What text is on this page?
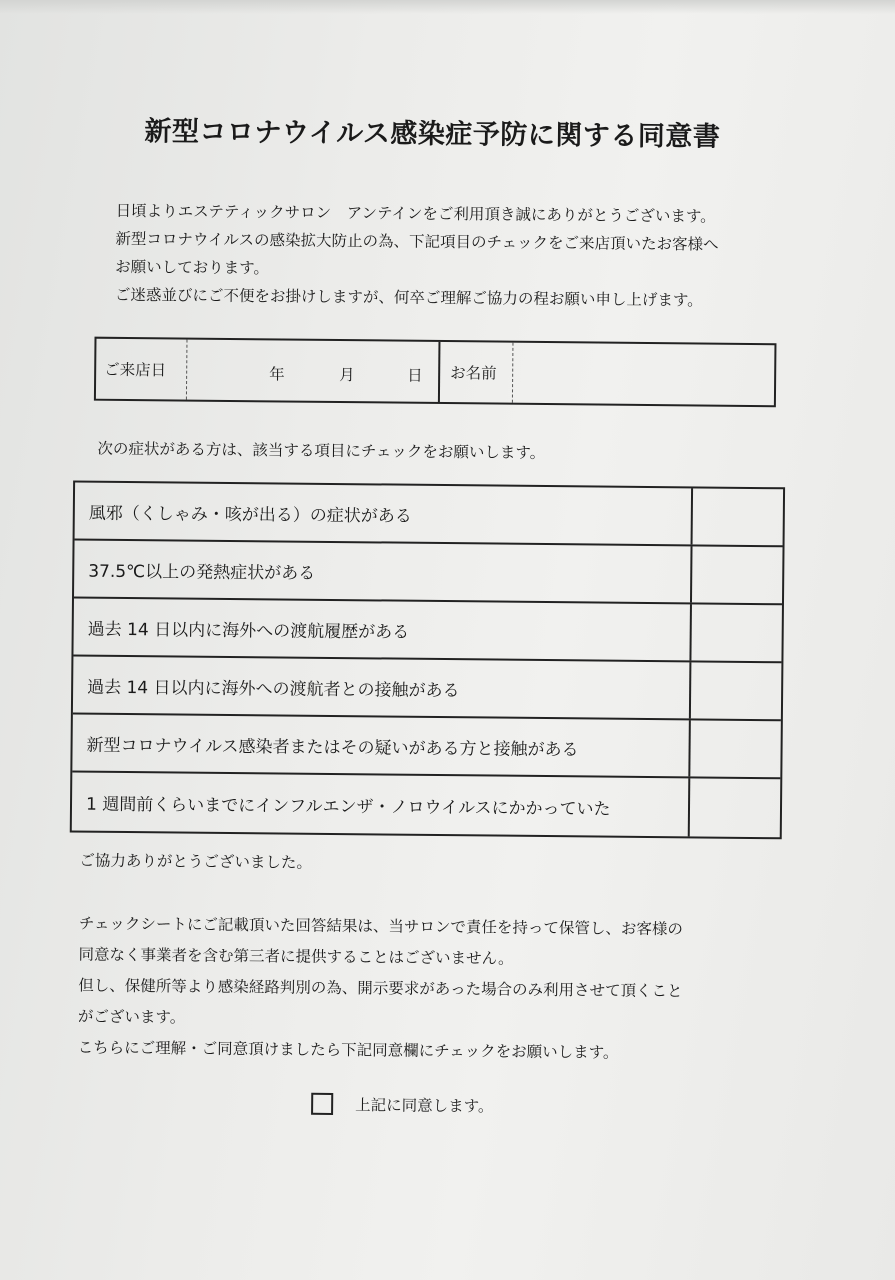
新型コロナウイルス感染症予防に関する同意書

日頃よりエステティックサロン　アンテインをご利用頂き誠にありがとうございます。

新型コロナウイルスの感染拡大防止の為、下記項目のチェックをご来店頂いたお客様へ

お願いしております。

ご迷惑並びにご不便をお掛けしますが、何卒ご理解ご協力の程お願い申し上げます。

ご来店日	年	月	日	お名前
次の症状がある方は、該当する項目にチェックをお願いします。
風邪（くしゃみ・咳が出る）の症状がある
37.5℃以上の発熱症状がある
過去 14 日以内に海外への渡航履歴がある
過去 14 日以内に海外への渡航者との接触がある
新型コロナウイルス感染者またはその疑いがある方と接触がある
1 週間前くらいまでにインフルエンザ・ノロウイルスにかかっていた
ご協力ありがとうございました。

チェックシートにご記載頂いた回答結果は、当サロンで責任を持って保管し、お客様の

同意なく事業者を含む第三者に提供することはございません。

但し、保健所等より感染経路判別の為、開示要求があった場合のみ利用させて頂くこと

がございます。

こちらにご理解・ご同意頂けましたら下記同意欄にチェックをお願いします。

上記に同意します。
